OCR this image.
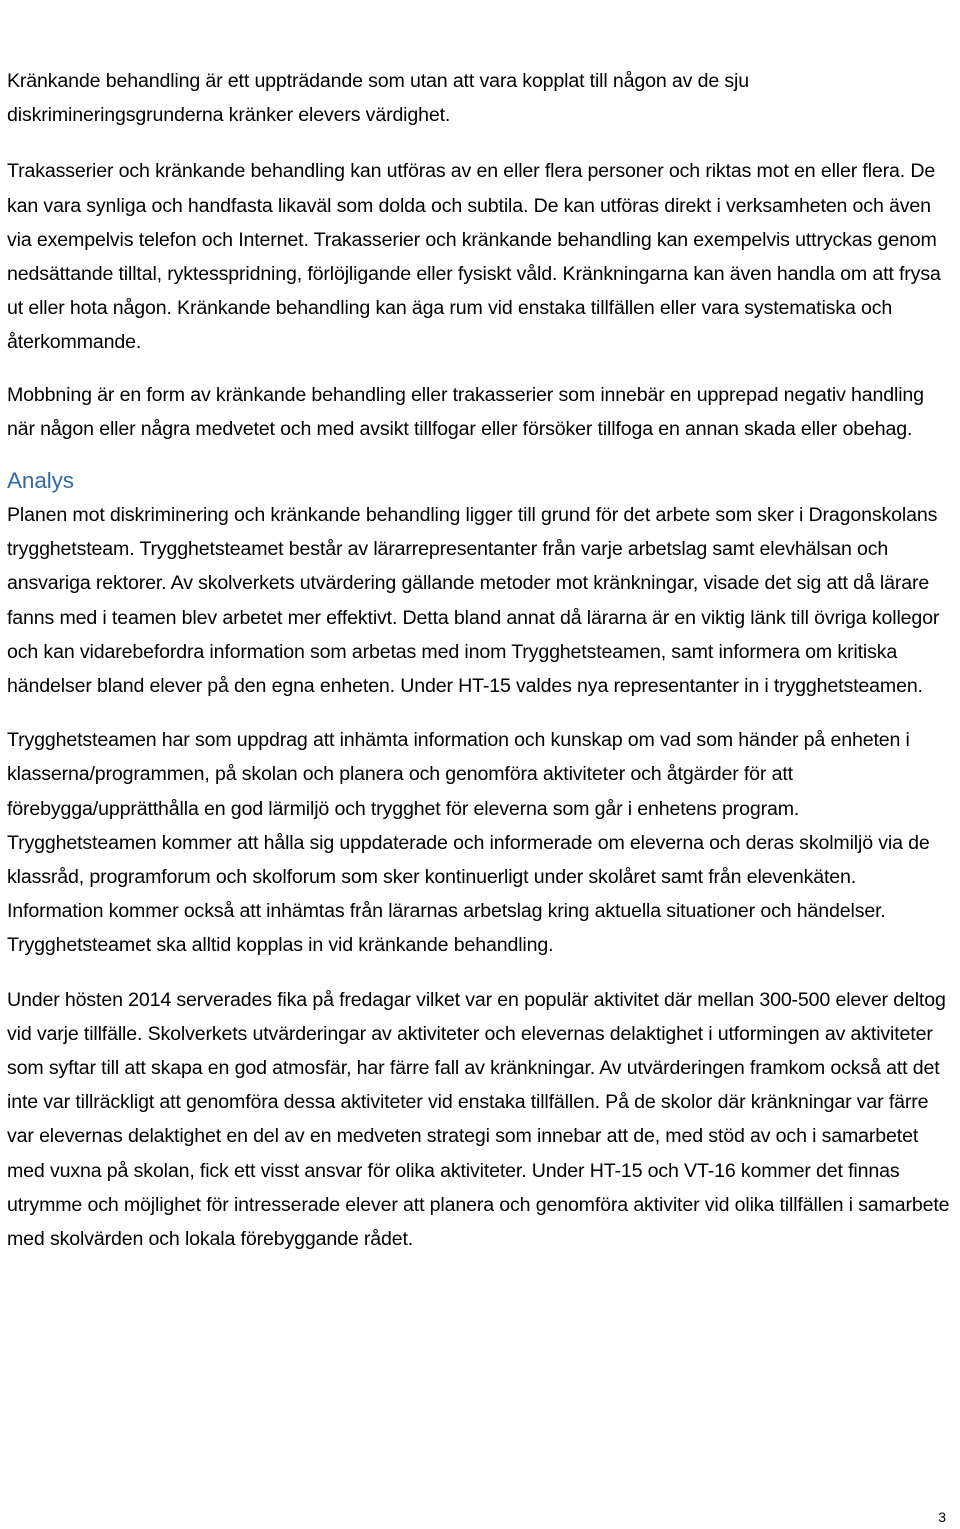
Kränkande behandling är ett uppträdande som utan att vara kopplat till någon av de sju diskrimineringsgrunderna kränker elevers värdighet.

Trakasserier och kränkande behandling kan utföras av en eller flera personer och riktas mot en eller flera. De kan vara synliga och handfasta likaväl som dolda och subtila. De kan utföras direkt i verksamheten och även via exempelvis telefon och Internet. Trakasserier och kränkande behandling kan exempelvis uttryckas genom nedsättande tilltal, ryktesspridning, förlöjligande eller fysiskt våld. Kränkningarna kan även handla om att frysa ut eller hota någon. Kränkande behandling kan äga rum vid enstaka tillfällen eller vara systematiska och återkommande.

Mobbning är en form av kränkande behandling eller trakasserier som innebär en upprepad negativ handling när någon eller några medvetet och med avsikt tillfogar eller försöker tillfoga en annan skada eller obehag.

Analys

Planen mot diskriminering och kränkande behandling ligger till grund för det arbete som sker i Dragonskolans trygghetsteam. Trygghetsteamet består av lärarrepresentanter från varje arbetslag samt elevhälsan och ansvariga rektorer. Av skolverkets utvärdering gällande metoder mot kränkningar, visade det sig att då lärare fanns med i teamen blev arbetet mer effektivt. Detta bland annat då lärarna är en viktig länk till övriga kollegor och kan vidarebefordra information som arbetas med inom Trygghetsteamen, samt informera om kritiska händelser bland elever på den egna enheten. Under HT-15 valdes nya representanter in i trygghetsteamen.

Trygghetsteamen har som uppdrag att inhämta information och kunskap om vad som händer på enheten i klasserna/programmen, på skolan och planera och genomföra aktiviteter och åtgärder för att förebygga/upprätthålla en god lärmiljö och trygghet för eleverna som går i enhetens program. Trygghetsteamen kommer att hålla sig uppdaterade och informerade om eleverna och deras skolmiljö via de klassråd, programforum och skolforum som sker kontinuerligt under skolåret samt från elevenkäten. Information kommer också att inhämtas från lärarnas arbetslag kring aktuella situationer och händelser. Trygghetsteamet ska alltid kopplas in vid kränkande behandling.

Under hösten 2014 serverades fika på fredagar vilket var en populär aktivitet där mellan 300-500 elever deltog vid varje tillfälle. Skolverkets utvärderingar av aktiviteter och elevernas delaktighet i utformingen av aktiviteter som syftar till att skapa en god atmosfär, har färre fall av kränkningar. Av utvärderingen framkom också att det inte var tillräckligt att genomföra dessa aktiviteter vid enstaka tillfällen. På de skolor där kränkningar var färre var elevernas delaktighet en del av en medveten strategi som innebar att de, med stöd av och i samarbetet med vuxna på skolan, fick ett visst ansvar för olika aktiviteter. Under HT-15 och VT-16 kommer det finnas utrymme och möjlighet för intresserade elever att planera och genomföra aktiviter vid olika tillfällen i samarbete med skolvärden och lokala förebyggande rådet.

3
